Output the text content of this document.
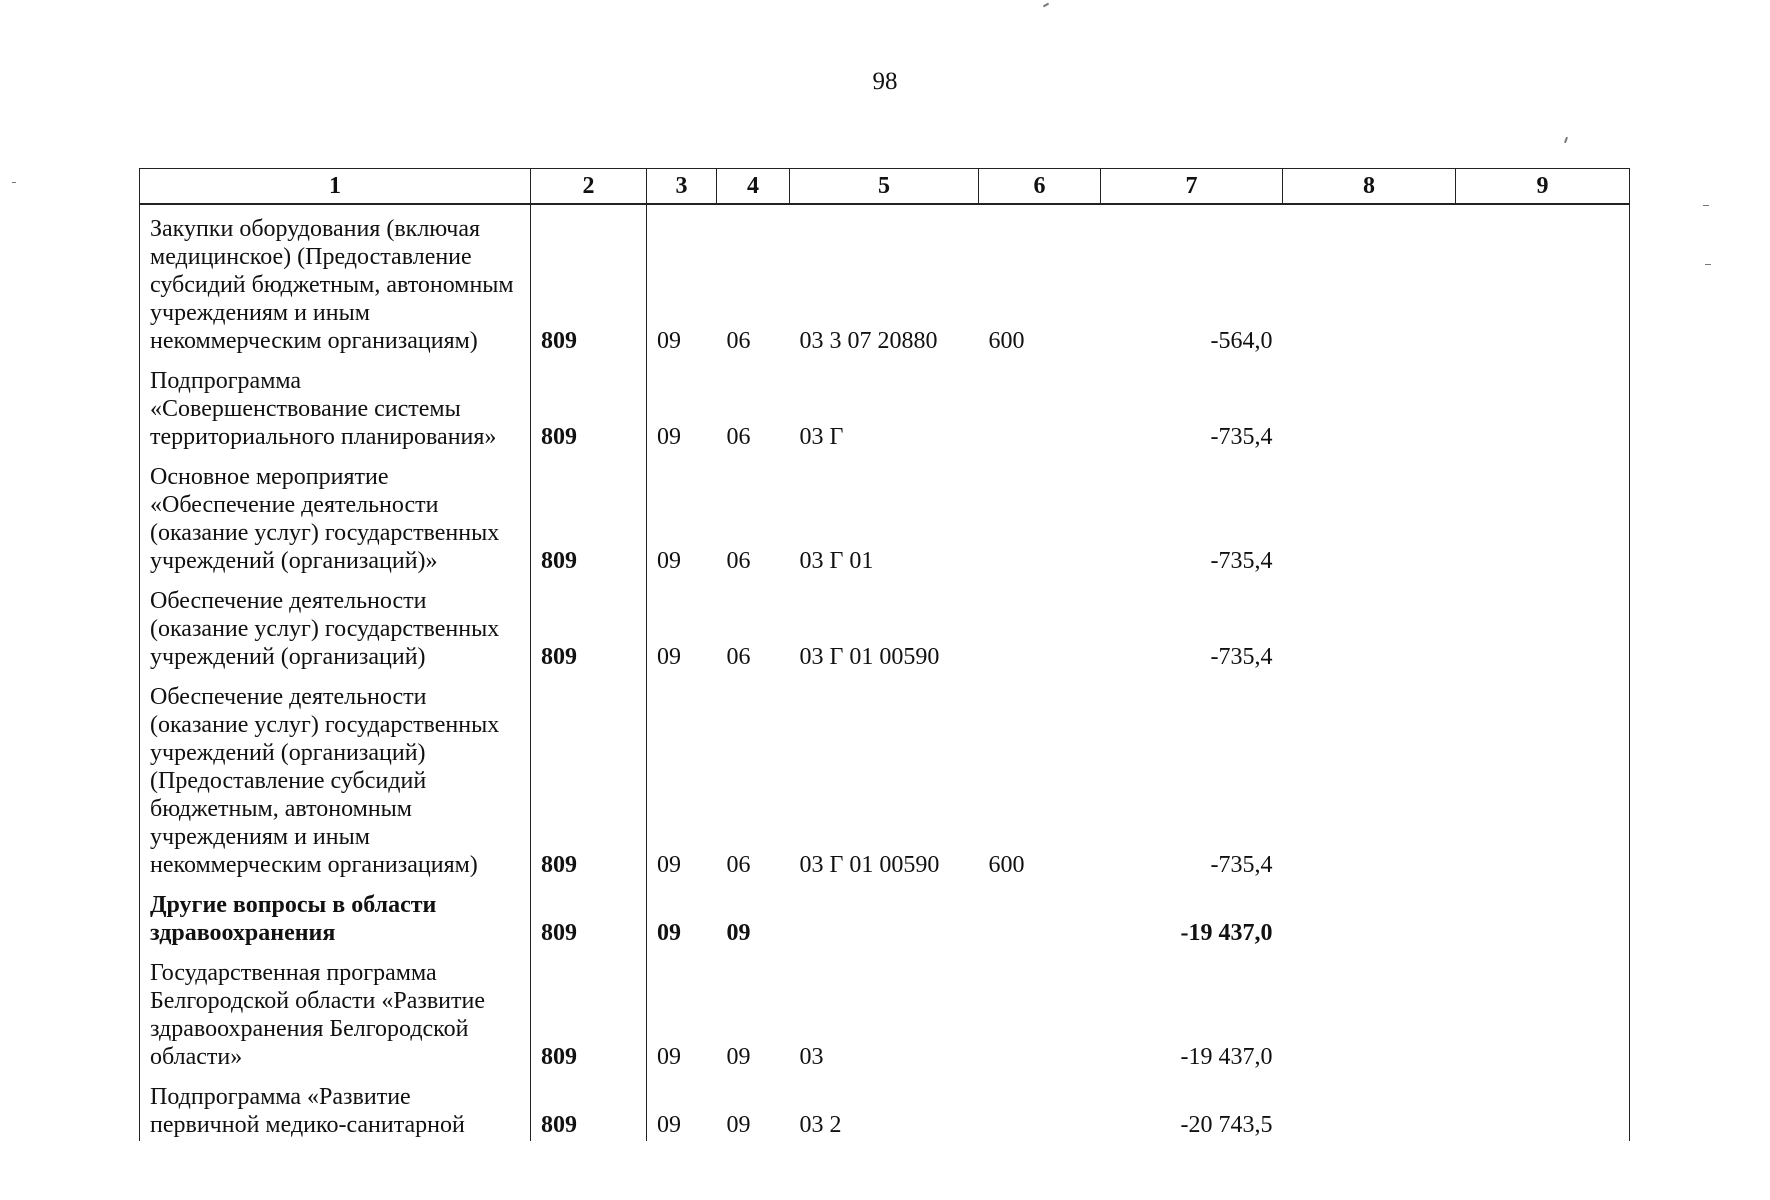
98
1	2	3	4	5	6	7	8	9
Закупки оборудования (включая медицинское) (Предоставление субсидий бюджетным, автономным учреждениям и иным некоммерческим организациям)	809	09	06	03 3 07 20880	600	-564,0		
Подпрограмма «Совершенствование системы территориального планирования»	809	09	06	03 Г		-735,4		
Основное мероприятие «Обеспечение деятельности (оказание услуг) государственных учреждений (организаций)»	809	09	06	03 Г 01		-735,4		
Обеспечение деятельности (оказание услуг) государственных учреждений (организаций)	809	09	06	03 Г 01 00590		-735,4		
Обеспечение деятельности (оказание услуг) государственных учреждений (организаций) (Предоставление субсидий бюджетным, автономным учреждениям и иным некоммерческим организациям)	809	09	06	03 Г 01 00590	600	-735,4		
Другие вопросы в области здравоохранения	809	09	09			-19 437,0		
Государственная программа Белгородской области «Развитие здравоохранения Белгородской области»	809	09	09	03		-19 437,0		
Подпрограмма «Развитие первичной медико-санитарной	809	09	09	03 2		-20 743,5		
